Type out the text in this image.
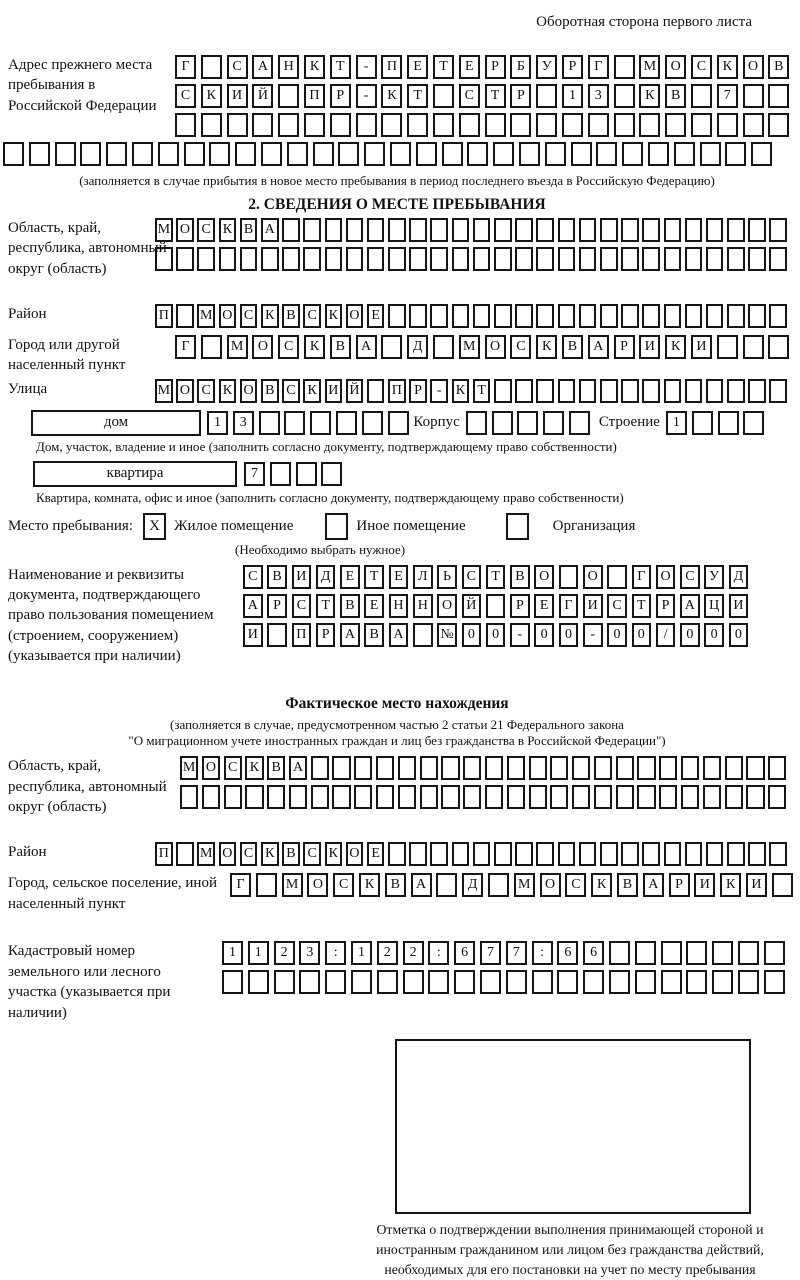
Оборотная сторона первого листа
Адрес прежнего места пребывания в Российской Федерации
Г	С	А	Н	К	Т	-	П	Е	Т	Е	Р	Б	У	Р	Г	М	О	С	К	О	В
С	К	И	Й	П	Р	-	К	Т	С	Т	Р	1	3	К	В	7
(заполняется в случае прибытия в новое место пребывания в период последнего въезда в Российскую Федерацию)
2. СВЕДЕНИЯ О МЕСТЕ ПРЕБЫВАНИЯ
Область, край, республика, автономный округ (область)
М О С К В А
Район	П М О С К В С К О Е
Город или другой населенный пункт
Г	М	О	С	К	В	А	Д	М	О	С	К	В	А	Р	И	К	И
Улица	М О С К О В С К И Й П Р	-	К Т
дом	1	3	Корпус	Строение 1
Дом, участок, владение и иное (заполнить согласно документу, подтверждающему право собственности)
квартира	7
Квартира, комната, офис и иное (заполнить согласно документу, подтверждающему право собственности)
Место пребывания:	X Жилое помещение	Иное помещение	Организация
(Необходимо выбрать нужное)
Наименование и реквизиты документа, подтверждающего право пользования помещением (строением, сооружением) (указывается при наличии)
С	В	И	Д	Е	Т	Е	Л	Ь	С	Т	В	О	О	Г	О	С	У	Д
А	Р	С	Т	В	Е	Н	Н	О	Й	Р	Е	Г	И	С	Т	Р	А	Ц	И
И	П	Р	А	В	А	№	0	0	-	0	0	-	0	0	/	0	0	0
Фактическое место нахождения
(заполняется в случае, предусмотренном частью 2 статьи 21 Федерального закона
"О миграционном учете иностранных граждан и лиц без гражданства в Российской Федерации")
Область, край, республика, автономный округ (область)
М О С К В А
Район	П М О С К В С К О Е
Город, сельское поселение, иной населенный пункт
Г	М	О	С	К	В	А	Д	М	О	С	К	В	А	Р	И	К	И
Кадастровый номер земельного или лесного участка (указывается при наличии)
1	1	2	3	:	1	2	2	:	6	7	7	:	6	6
Отметка о подтверждении выполнения принимающей стороной и иностранным гражданином или лицом без гражданства действий, необходимых для его постановки на учет по месту пребывания
